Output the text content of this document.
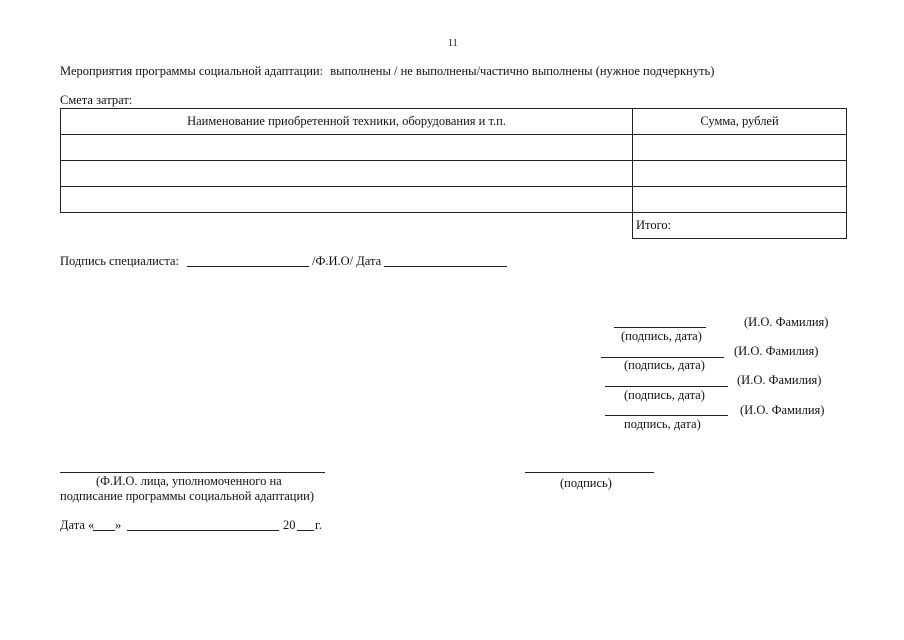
11
Мероприятия программы социальной адаптации: выполнены / не выполнены/частично выполнены (нужное подчеркнуть)
Смета затрат:
Наименование приобретенной техники, оборудования и т.п.	Сумма, рублей

	Итого:
Подпись специалиста:	/Ф.И.О/ Дата
(И.О. Фамилия)
(подпись, дата)
(И.О. Фамилия)
(подпись, дата)
(И.О. Фамилия)
(подпись, дата)
(И.О. Фамилия)
подпись, дата)
(Ф.И.О. лица, уполномоченного на
подписание программы социальной адаптации)
(подпись)
Дата « »	20 г.
